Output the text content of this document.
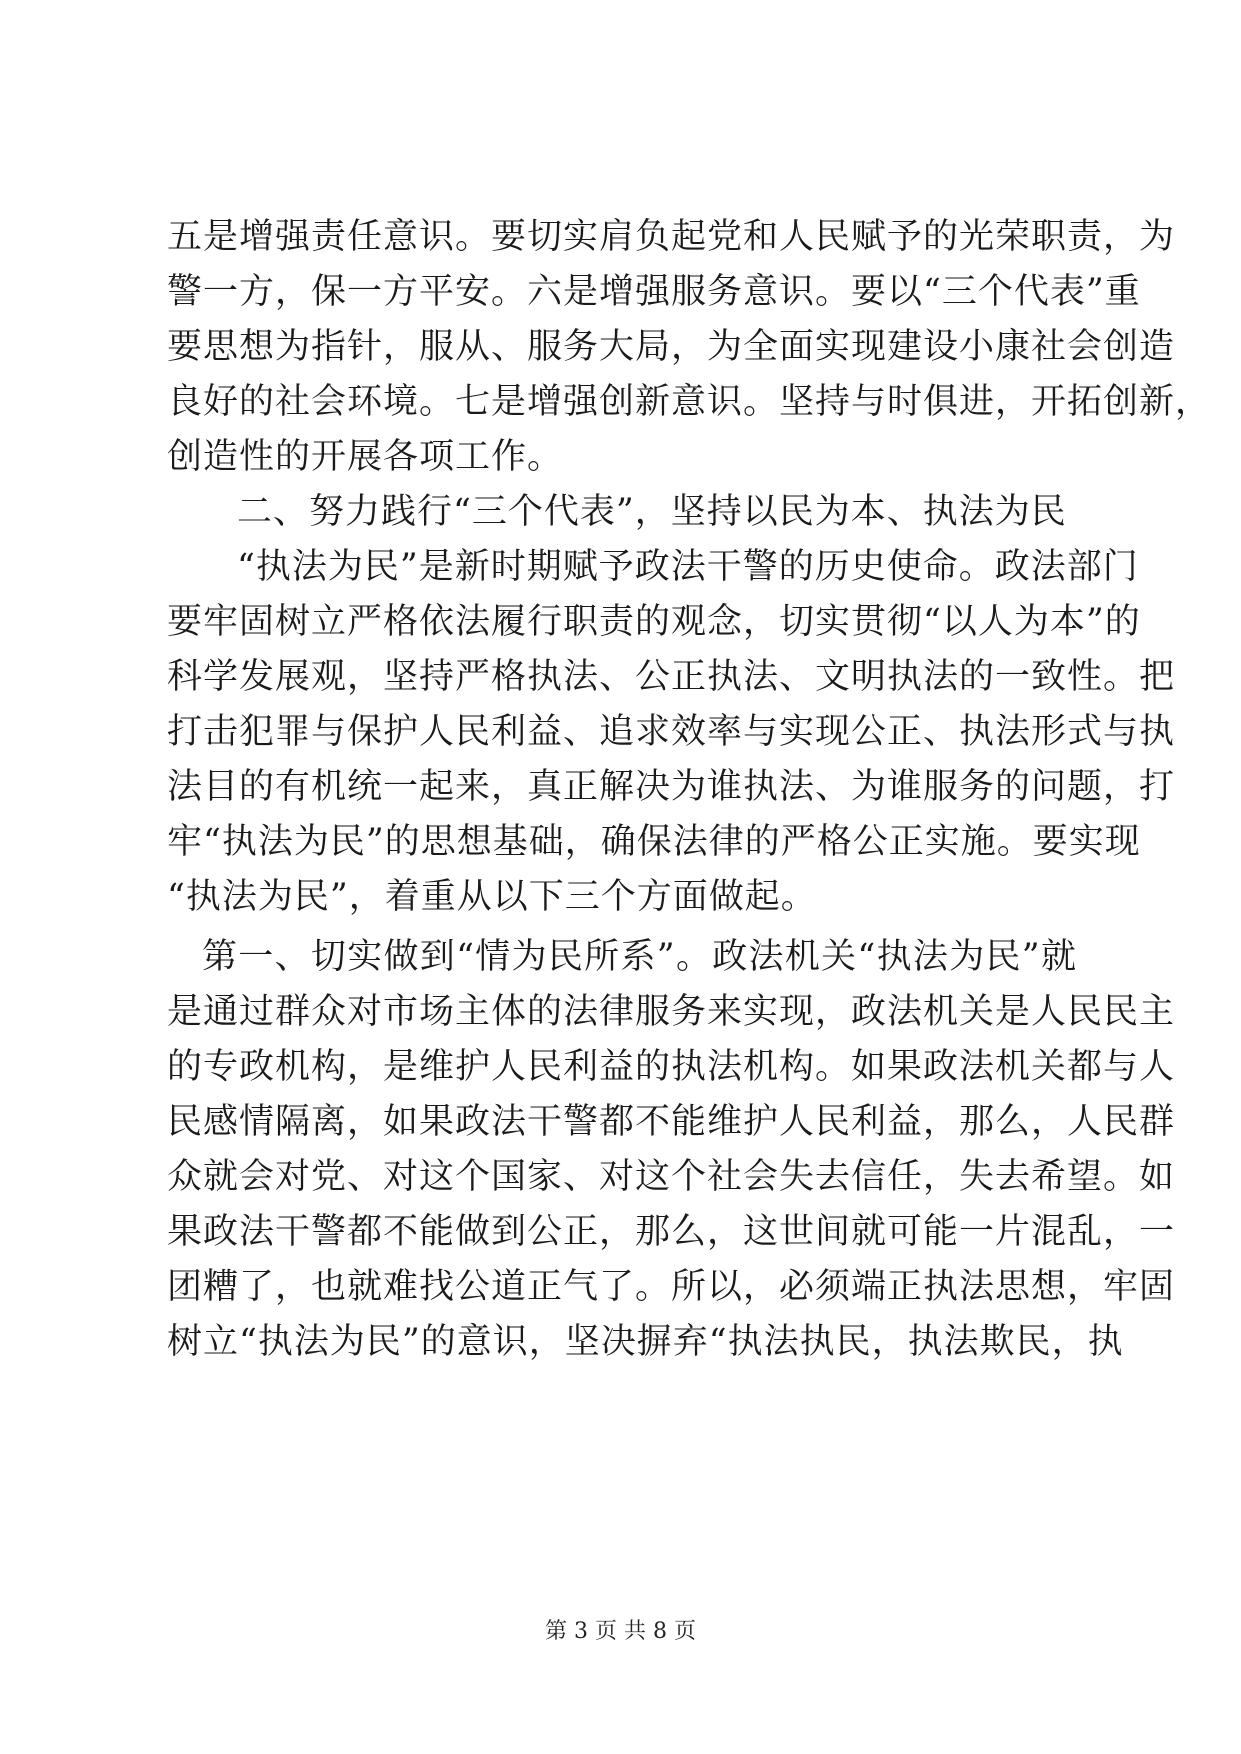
五是增强责任意识。要切实肩负起党和人民赋予的光荣职责，为
警一方，保一方平安。六是增强服务意识。要以“三个代表”重
要思想为指针，服从、服务大局，为全面实现建设小康社会创造
良好的社会环境。七是增强创新意识。坚持与时俱进，开拓创新，
创造性的开展各项工作。
二、努力践行“三个代表”，坚持以民为本、执法为民
“执法为民”是新时期赋予政法干警的历史使命。政法部门
要牢固树立严格依法履行职责的观念，切实贯彻“以人为本”的
科学发展观，坚持严格执法、公正执法、文明执法的一致性。把
打击犯罪与保护人民利益、追求效率与实现公正、执法形式与执
法目的有机统一起来，真正解决为谁执法、为谁服务的问题，打
牢“执法为民”的思想基础，确保法律的严格公正实施。要实现
“执法为民”，着重从以下三个方面做起。
第一、切实做到“情为民所系”。政法机关“执法为民”就
是通过群众对市场主体的法律服务来实现，政法机关是人民民主
的专政机构，是维护人民利益的执法机构。如果政法机关都与人
民感情隔离，如果政法干警都不能维护人民利益，那么，人民群
众就会对党、对这个国家、对这个社会失去信任，失去希望。如
果政法干警都不能做到公正，那么，这世间就可能一片混乱，一
团糟了，也就难找公道正气了。所以，必须端正执法思想，牢固
树立“执法为民”的意识，坚决摒弃“执法执民，执法欺民，执
第 3 页 共 8 页
